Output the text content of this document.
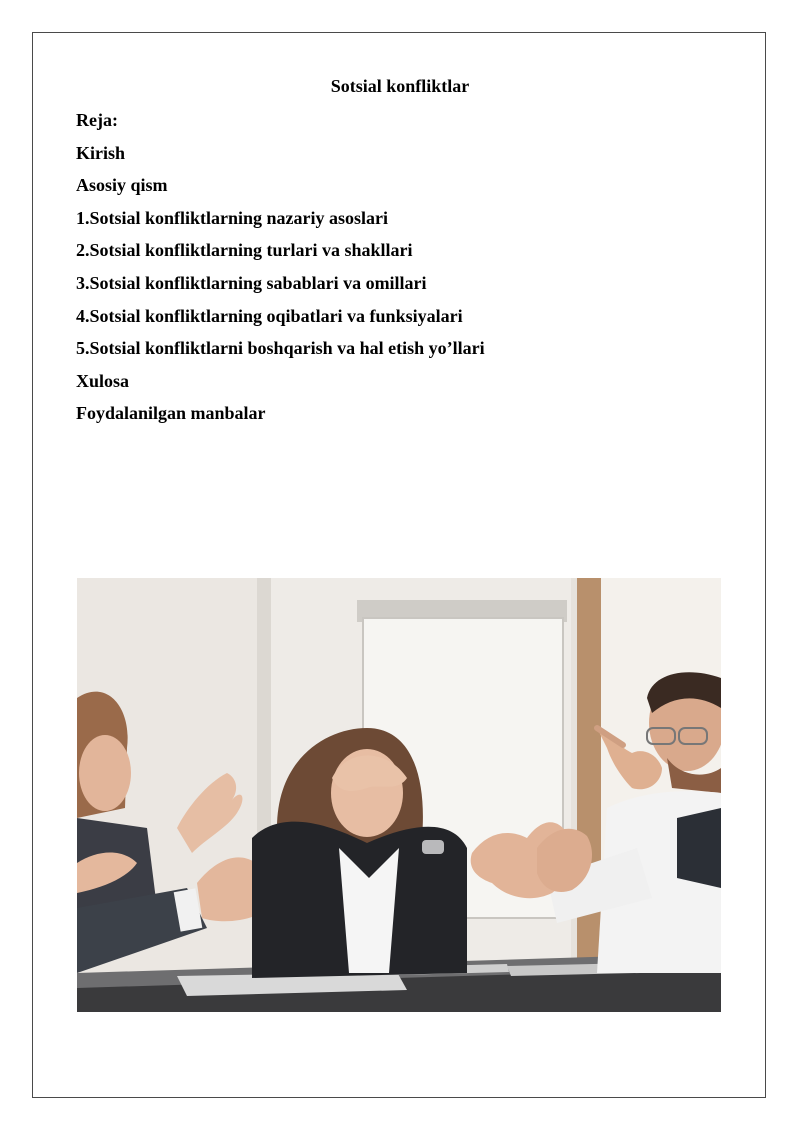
Sotsial konfliktlar
Reja:
Kirish
Asosiy qism
1.Sotsial konfliktlarning nazariy asoslari
2.Sotsial konfliktlarning turlari va shakllari
3.Sotsial konfliktlarning sabablari va omillari
4.Sotsial konfliktlarning oqibatlari va funksiyalari
5.Sotsial konfliktlarni boshqarish va hal etish yo’llari
Xulosa
Foydalanilgan manbalar
